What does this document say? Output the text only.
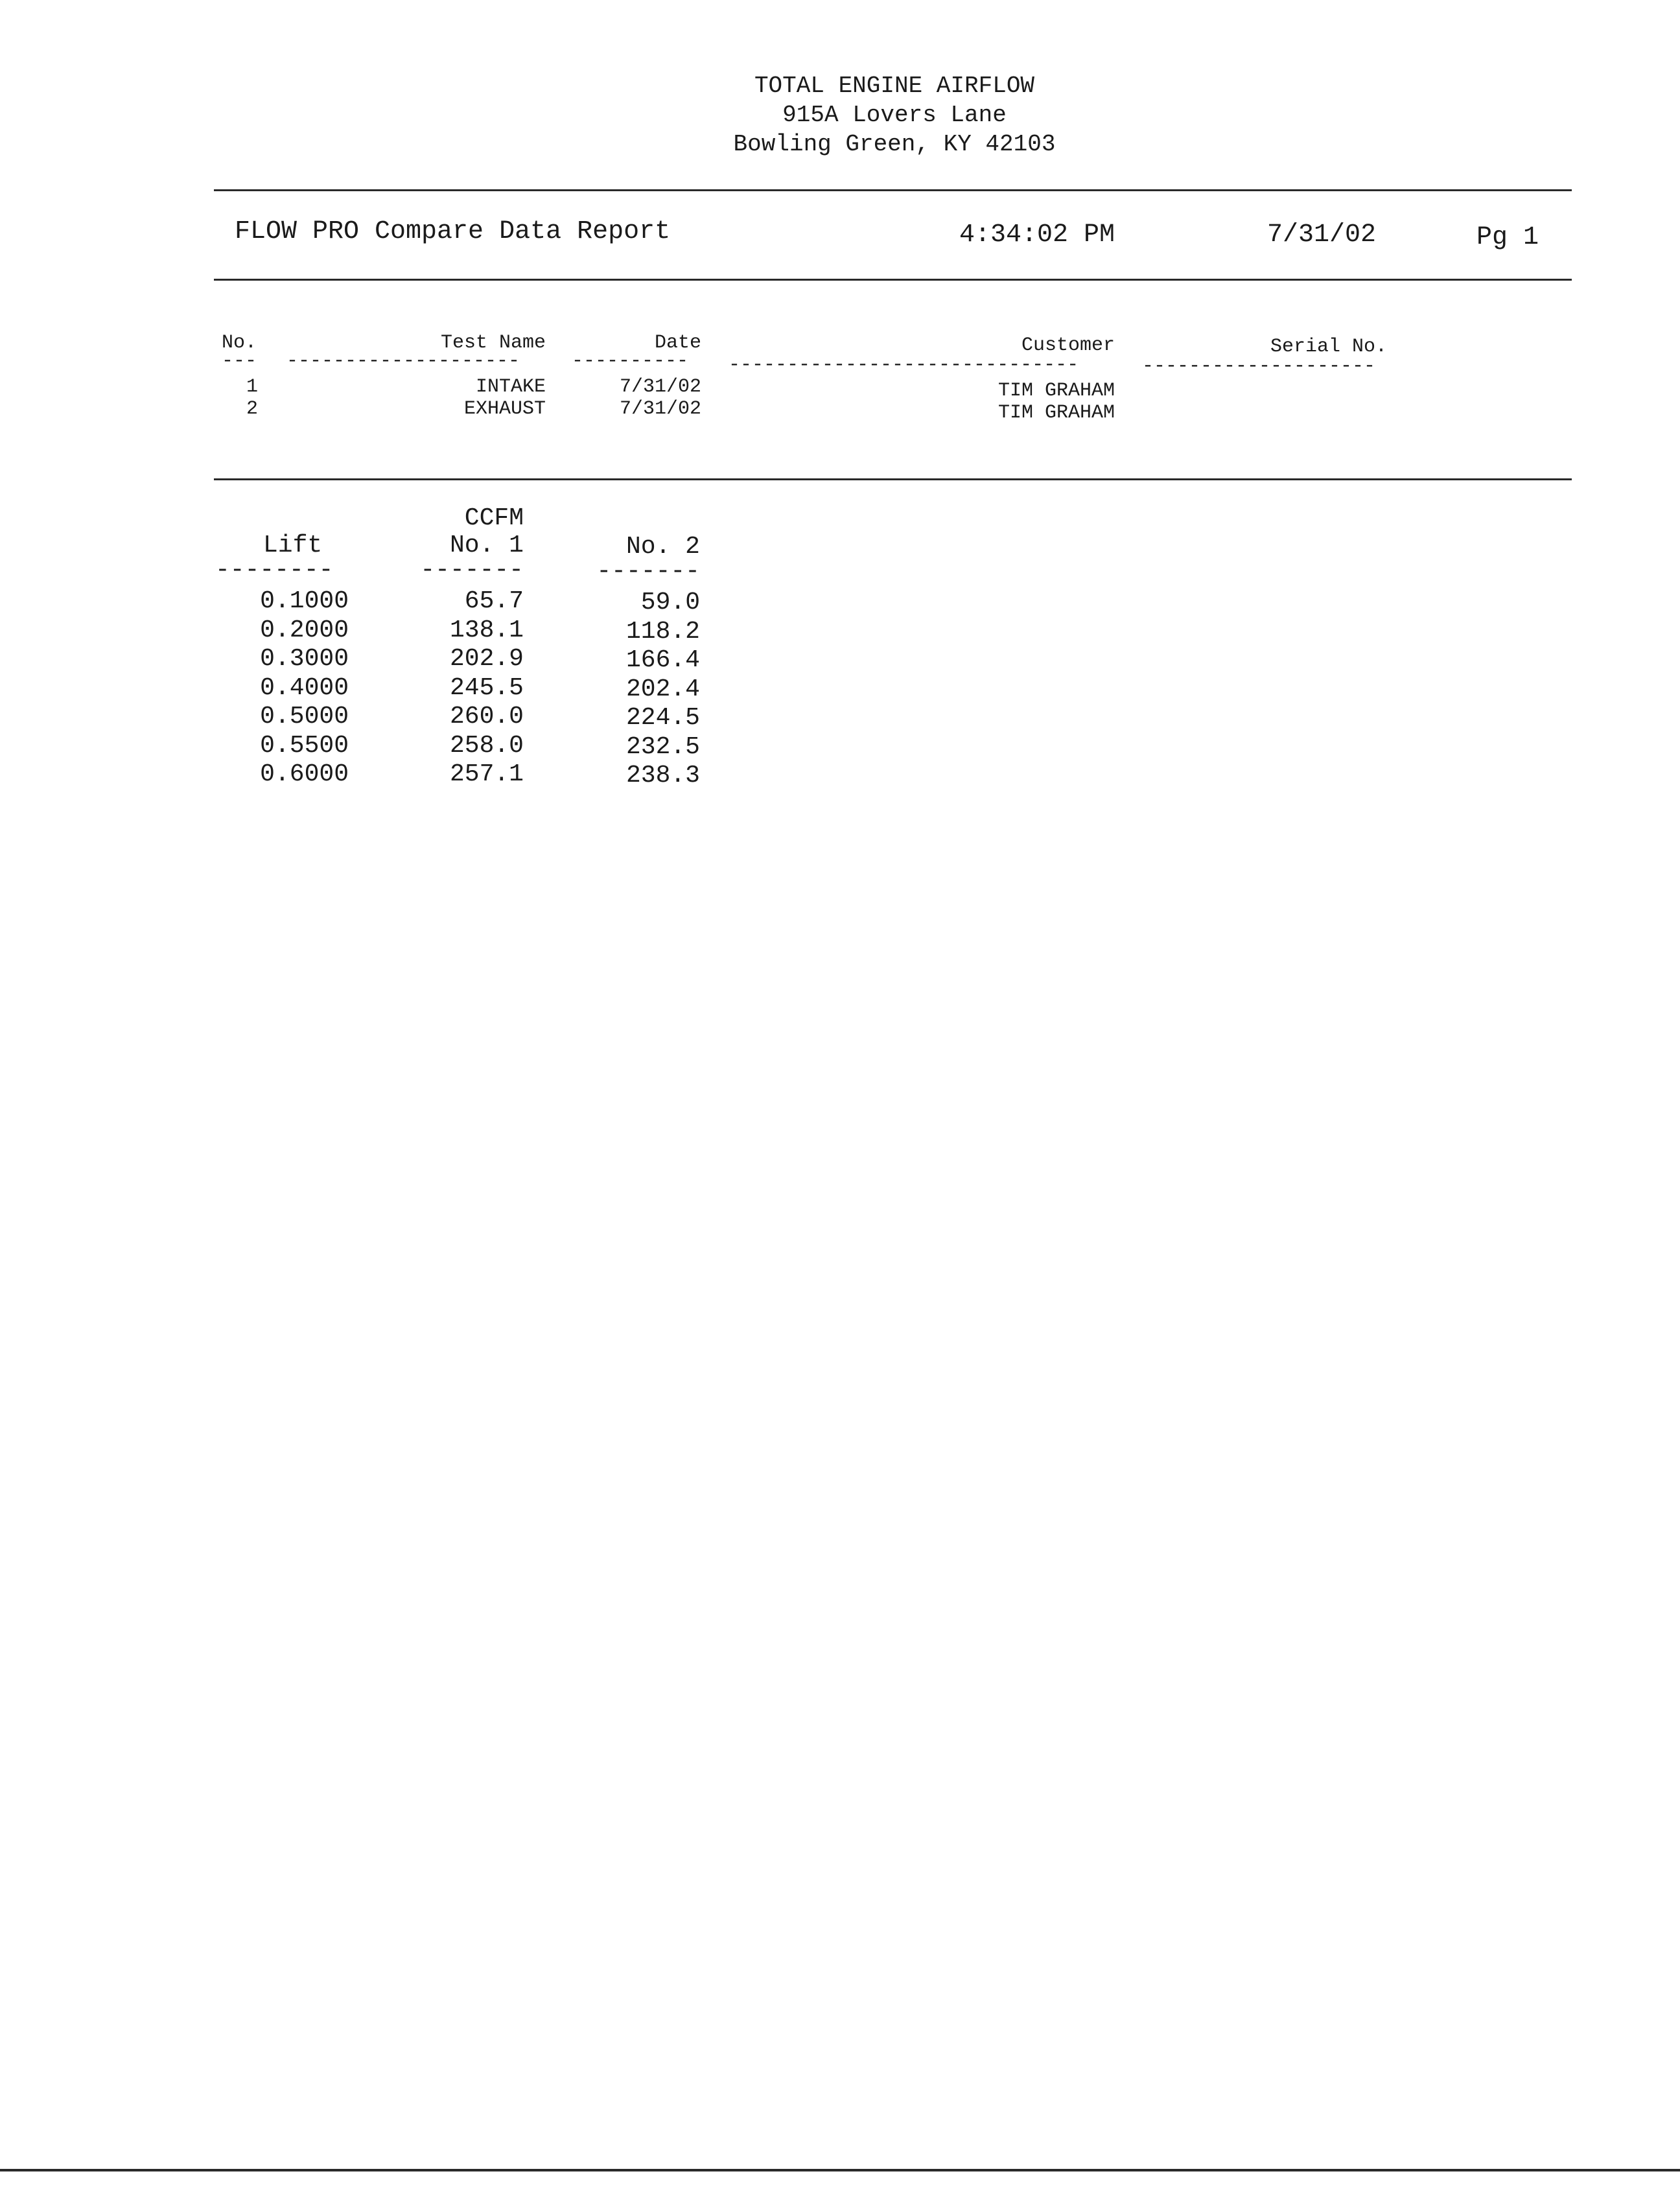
TOTAL ENGINE AIRFLOW
915A Lovers Lane
Bowling Green, KY 42103
FLOW PRO Compare Data Report	4:34:02 PM	7/31/02	Pg 1
No.	Test Name	Date	Customer	Serial No.
--- --------------------	---------- ------------------------------	--------------------
1	INTAKE	7/31/02	TIM GRAHAM
2	EXHAUST	7/31/02	TIM GRAHAM
CCFM
Lift	No. 1	No. 2
--------	-------	-------
0.1000	65.7	59.0
0.2000	138.1	118.2
0.3000	202.9	166.4
0.4000	245.5	202.4
0.5000	260.0	224.5
0.5500	258.0	232.5
0.6000	257.1	238.3
